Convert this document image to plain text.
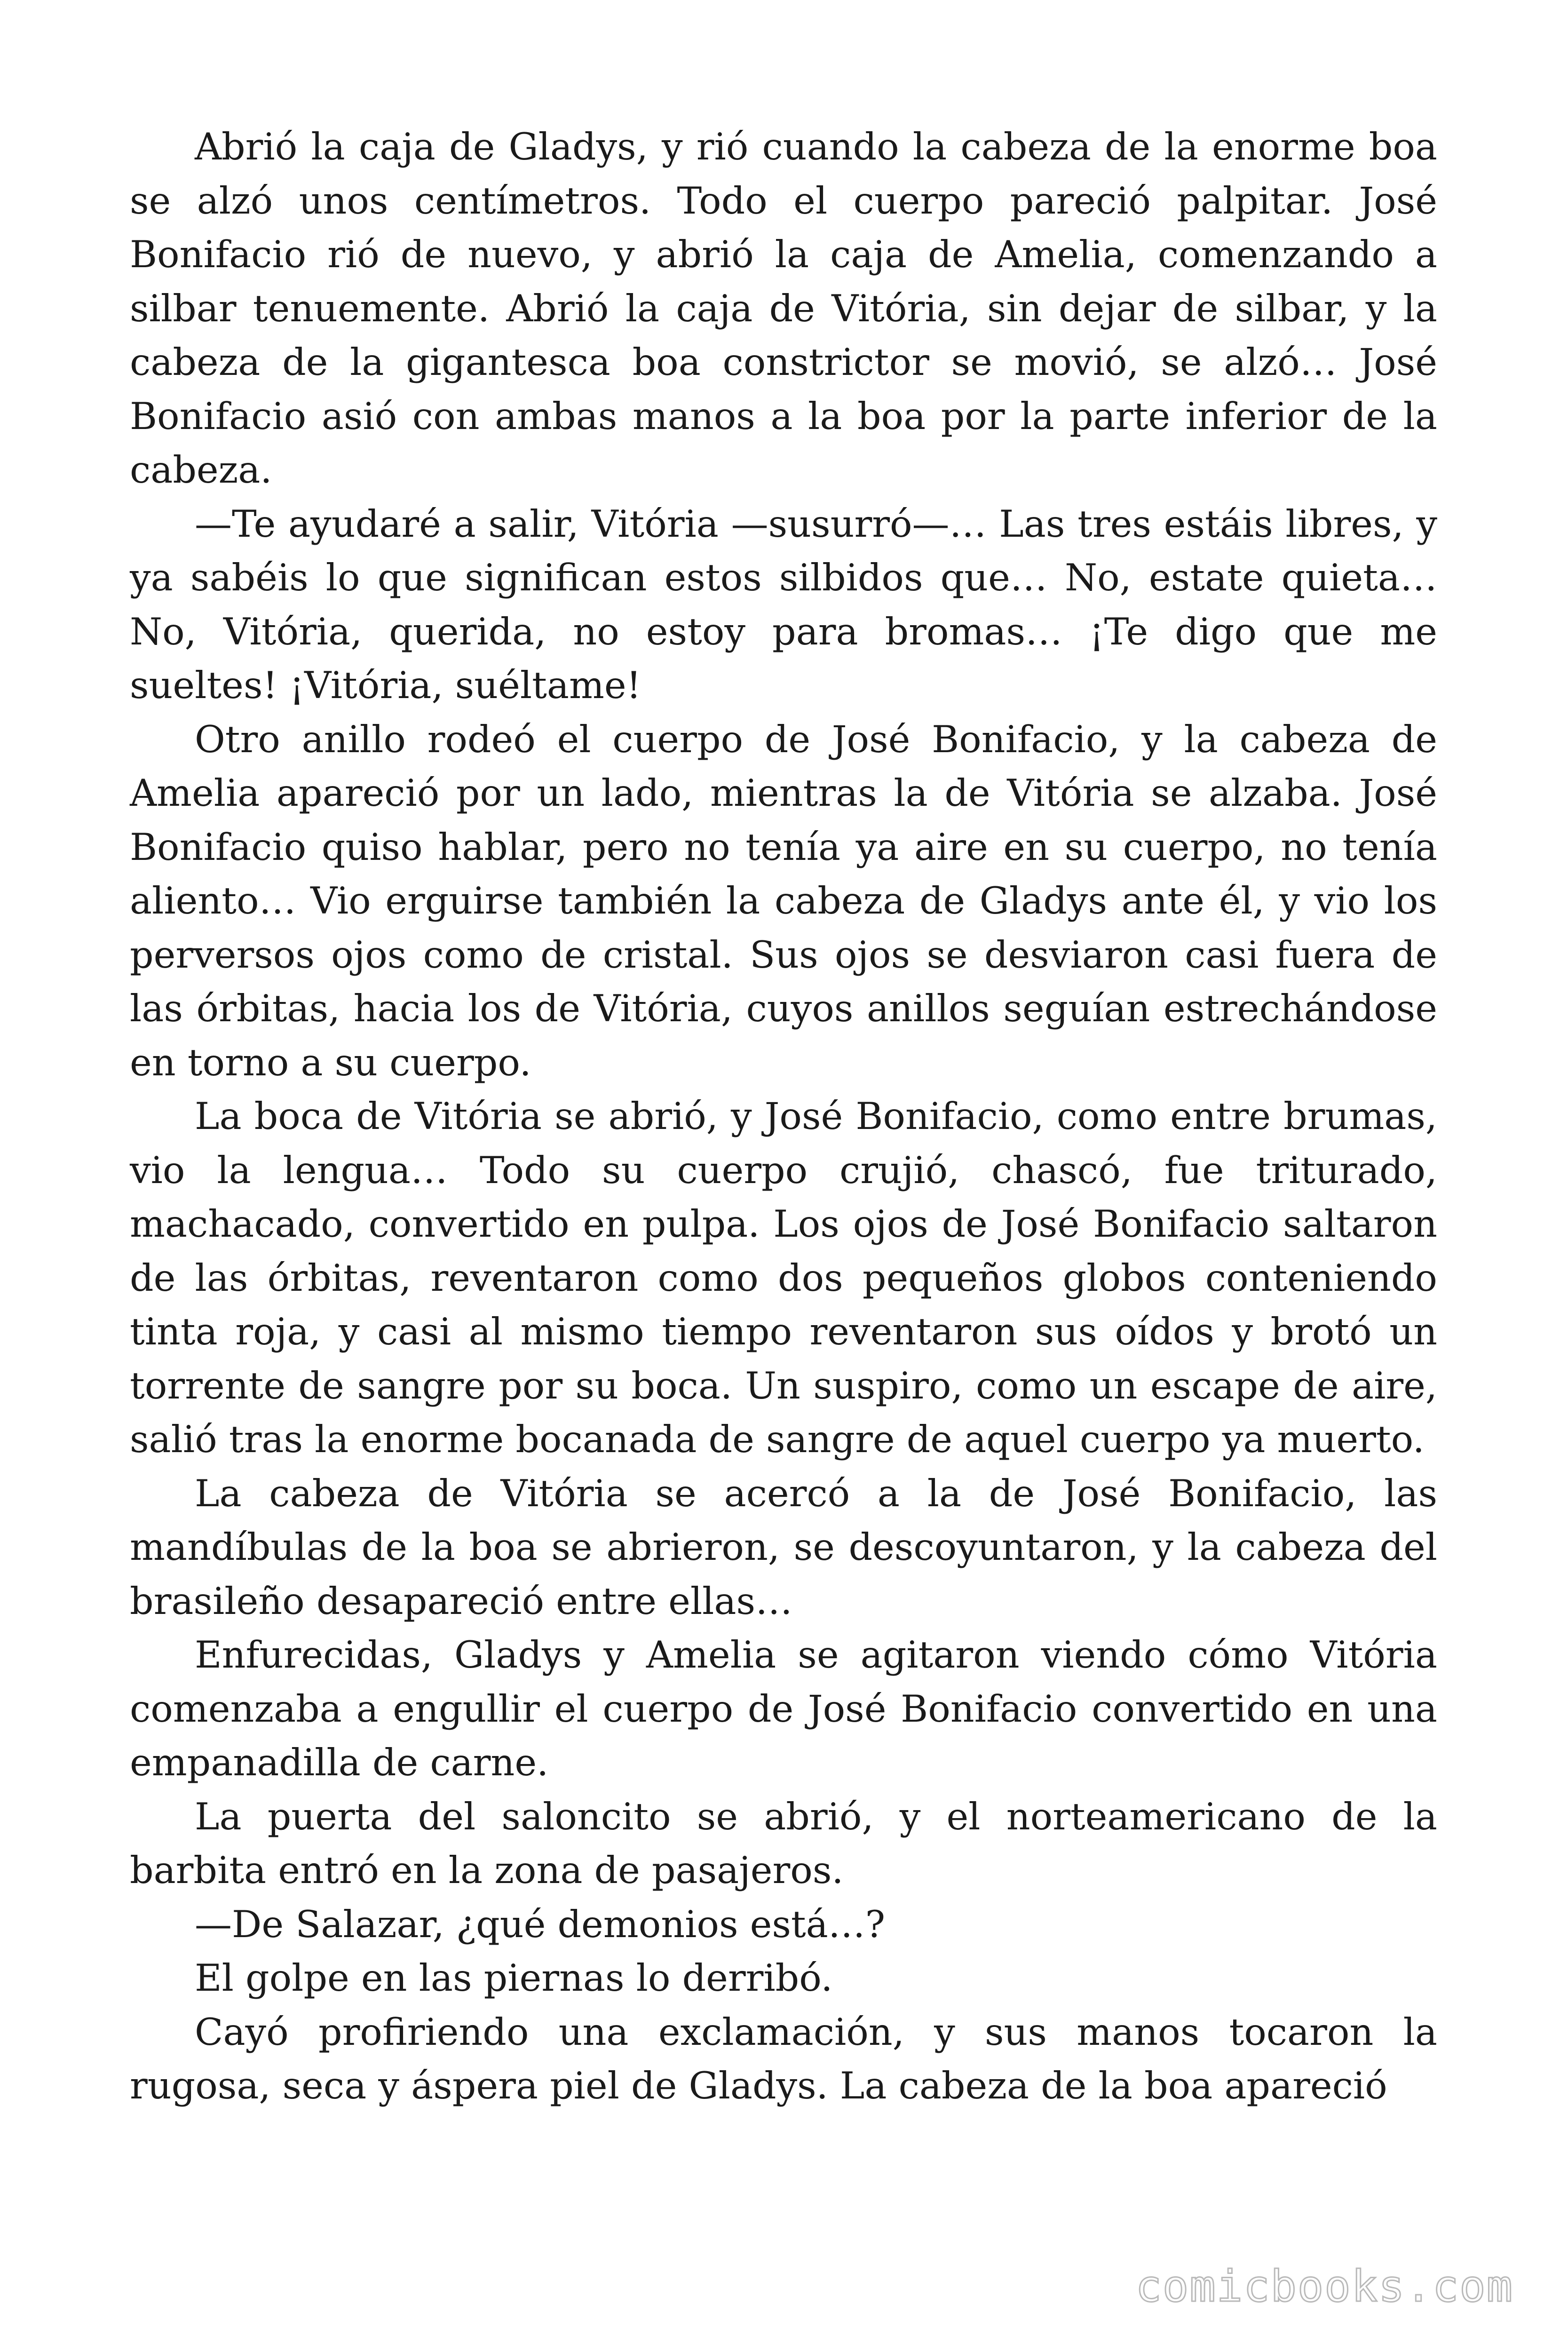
Abrió la caja de Gladys, y rió cuando la cabeza de la enorme boa se alzó unos centímetros. Todo el cuerpo pareció palpitar. José Bonifacio rió de nuevo, y abrió la caja de Amelia, comenzando a silbar tenuemente. Abrió la caja de Vitória, sin dejar de silbar, y la cabeza de la gigantesca boa constrictor se movió, se alzó… José Bonifacio asió con ambas manos a la boa por la parte inferior de la cabeza.

—Te ayudaré a salir, Vitória —susurró—… Las tres estáis libres, y ya sabéis lo que significan estos silbidos que… No, estate quieta… No, Vitória, querida, no estoy para bromas… ¡Te digo que me sueltes! ¡Vitória, suéltame!

Otro anillo rodeó el cuerpo de José Bonifacio, y la cabeza de Amelia apareció por un lado, mientras la de Vitória se alzaba. José Bonifacio quiso hablar, pero no tenía ya aire en su cuerpo, no tenía aliento… Vio erguirse también la cabeza de Gladys ante él, y vio los perversos ojos como de cristal. Sus ojos se desviaron casi fuera de las órbitas, hacia los de Vitória, cuyos anillos seguían estrechándose en torno a su cuerpo.

La boca de Vitória se abrió, y José Bonifacio, como entre brumas, vio la lengua… Todo su cuerpo crujió, chascó, fue triturado, machacado, convertido en pulpa. Los ojos de José Bonifacio saltaron de las órbitas, reventaron como dos pequeños globos conteniendo tinta roja, y casi al mismo tiempo reventaron sus oídos y brotó un torrente de sangre por su boca. Un suspiro, como un escape de aire, salió tras la enorme bocanada de sangre de aquel cuerpo ya muerto.

La cabeza de Vitória se acercó a la de José Bonifacio, las mandíbulas de la boa se abrieron, se descoyuntaron, y la cabeza del brasileño desapareció entre ellas…

Enfurecidas, Gladys y Amelia se agitaron viendo cómo Vitória comenzaba a engullir el cuerpo de José Bonifacio convertido en una empanadilla de carne.

La puerta del saloncito se abrió, y el norteamericano de la barbita entró en la zona de pasajeros.

—De Salazar, ¿qué demonios está…?

El golpe en las piernas lo derribó.

Cayó profiriendo una exclamación, y sus manos tocaron la rugosa, seca y áspera piel de Gladys. La cabeza de la boa apareció

comicbooks.com
